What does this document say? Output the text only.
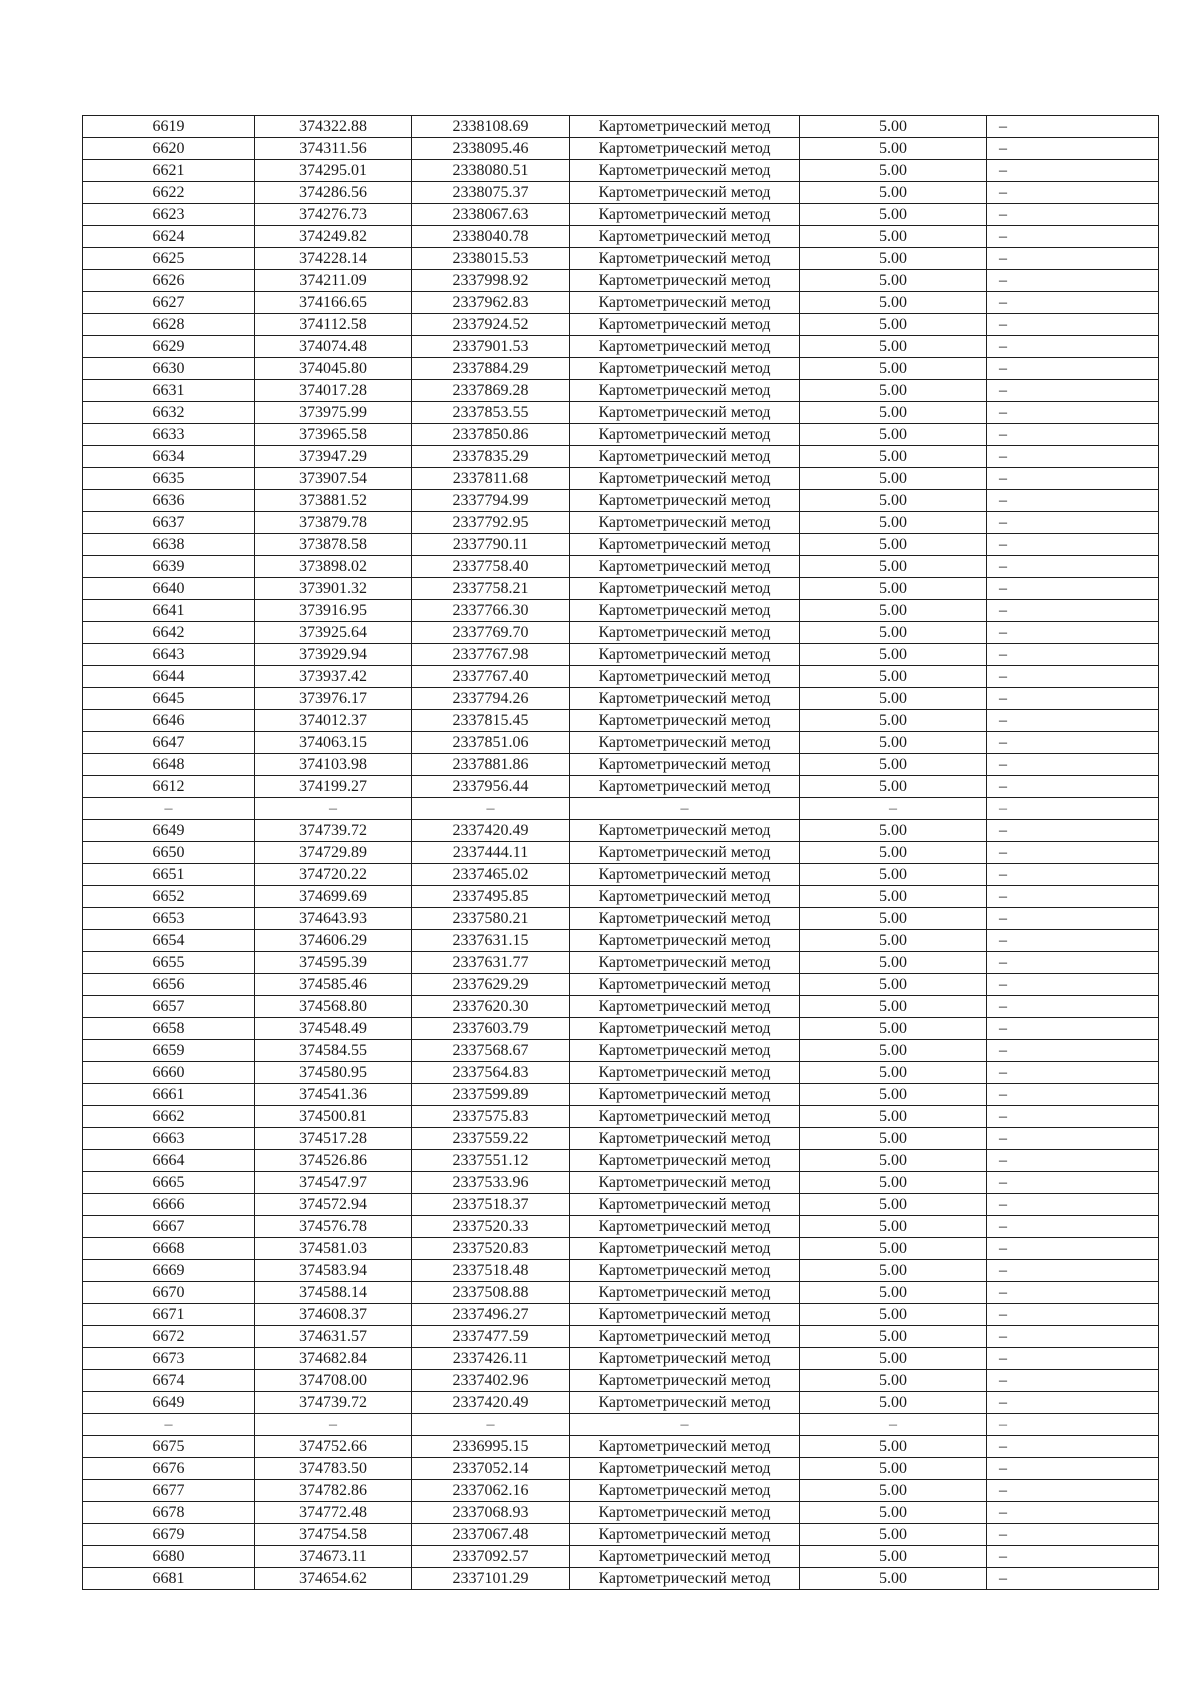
6619	374322.88	2338108.69	Картометрический метод	5.00	–
6620	374311.56	2338095.46	Картометрический метод	5.00	–
6621	374295.01	2338080.51	Картометрический метод	5.00	–
6622	374286.56	2338075.37	Картометрический метод	5.00	–
6623	374276.73	2338067.63	Картометрический метод	5.00	–
6624	374249.82	2338040.78	Картометрический метод	5.00	–
6625	374228.14	2338015.53	Картометрический метод	5.00	–
6626	374211.09	2337998.92	Картометрический метод	5.00	–
6627	374166.65	2337962.83	Картометрический метод	5.00	–
6628	374112.58	2337924.52	Картометрический метод	5.00	–
6629	374074.48	2337901.53	Картометрический метод	5.00	–
6630	374045.80	2337884.29	Картометрический метод	5.00	–
6631	374017.28	2337869.28	Картометрический метод	5.00	–
6632	373975.99	2337853.55	Картометрический метод	5.00	–
6633	373965.58	2337850.86	Картометрический метод	5.00	–
6634	373947.29	2337835.29	Картометрический метод	5.00	–
6635	373907.54	2337811.68	Картометрический метод	5.00	–
6636	373881.52	2337794.99	Картометрический метод	5.00	–
6637	373879.78	2337792.95	Картометрический метод	5.00	–
6638	373878.58	2337790.11	Картометрический метод	5.00	–
6639	373898.02	2337758.40	Картометрический метод	5.00	–
6640	373901.32	2337758.21	Картометрический метод	5.00	–
6641	373916.95	2337766.30	Картометрический метод	5.00	–
6642	373925.64	2337769.70	Картометрический метод	5.00	–
6643	373929.94	2337767.98	Картометрический метод	5.00	–
6644	373937.42	2337767.40	Картометрический метод	5.00	–
6645	373976.17	2337794.26	Картометрический метод	5.00	–
6646	374012.37	2337815.45	Картометрический метод	5.00	–
6647	374063.15	2337851.06	Картометрический метод	5.00	–
6648	374103.98	2337881.86	Картометрический метод	5.00	–
6612	374199.27	2337956.44	Картометрический метод	5.00	–
–	–	–	–	–	–
6649	374739.72	2337420.49	Картометрический метод	5.00	–
6650	374729.89	2337444.11	Картометрический метод	5.00	–
6651	374720.22	2337465.02	Картометрический метод	5.00	–
6652	374699.69	2337495.85	Картометрический метод	5.00	–
6653	374643.93	2337580.21	Картометрический метод	5.00	–
6654	374606.29	2337631.15	Картометрический метод	5.00	–
6655	374595.39	2337631.77	Картометрический метод	5.00	–
6656	374585.46	2337629.29	Картометрический метод	5.00	–
6657	374568.80	2337620.30	Картометрический метод	5.00	–
6658	374548.49	2337603.79	Картометрический метод	5.00	–
6659	374584.55	2337568.67	Картометрический метод	5.00	–
6660	374580.95	2337564.83	Картометрический метод	5.00	–
6661	374541.36	2337599.89	Картометрический метод	5.00	–
6662	374500.81	2337575.83	Картометрический метод	5.00	–
6663	374517.28	2337559.22	Картометрический метод	5.00	–
6664	374526.86	2337551.12	Картометрический метод	5.00	–
6665	374547.97	2337533.96	Картометрический метод	5.00	–
6666	374572.94	2337518.37	Картометрический метод	5.00	–
6667	374576.78	2337520.33	Картометрический метод	5.00	–
6668	374581.03	2337520.83	Картометрический метод	5.00	–
6669	374583.94	2337518.48	Картометрический метод	5.00	–
6670	374588.14	2337508.88	Картометрический метод	5.00	–
6671	374608.37	2337496.27	Картометрический метод	5.00	–
6672	374631.57	2337477.59	Картометрический метод	5.00	–
6673	374682.84	2337426.11	Картометрический метод	5.00	–
6674	374708.00	2337402.96	Картометрический метод	5.00	–
6649	374739.72	2337420.49	Картометрический метод	5.00	–
–	–	–	–	–	–
6675	374752.66	2336995.15	Картометрический метод	5.00	–
6676	374783.50	2337052.14	Картометрический метод	5.00	–
6677	374782.86	2337062.16	Картометрический метод	5.00	–
6678	374772.48	2337068.93	Картометрический метод	5.00	–
6679	374754.58	2337067.48	Картометрический метод	5.00	–
6680	374673.11	2337092.57	Картометрический метод	5.00	–
6681	374654.62	2337101.29	Картометрический метод	5.00	–
